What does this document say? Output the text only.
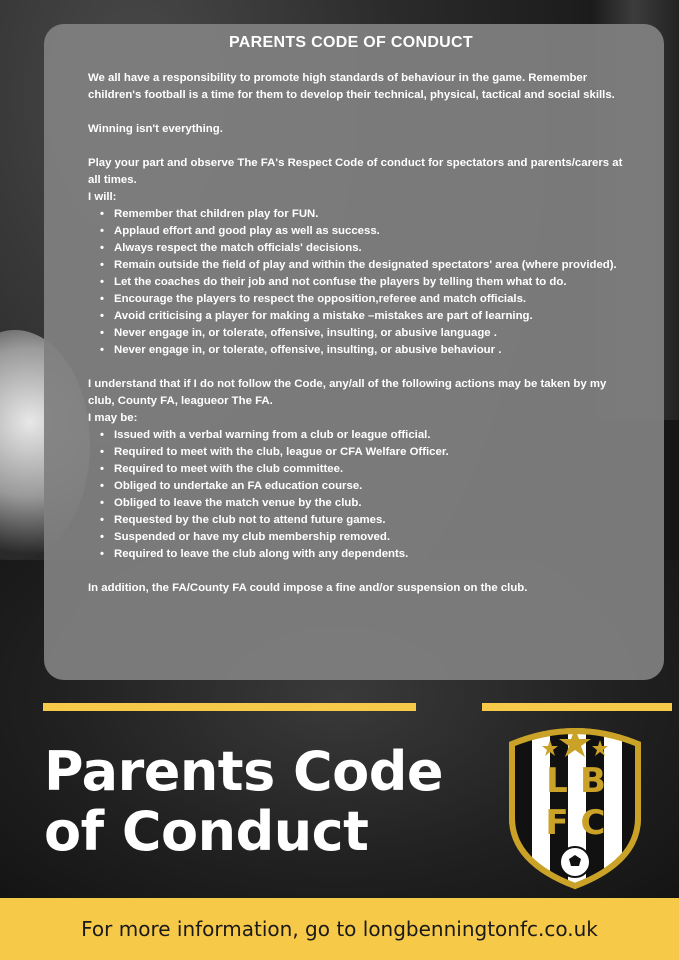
PARENTS CODE OF CONDUCT

We all have a responsibility to promote high standards of behaviour in the game. Remember children's football is a time for them to develop their technical, physical, tactical and social skills.

Winning isn't everything.

Play your part and observe The FA's Respect Code of conduct for spectators and parents/carers at all times.

I will:

• Remember that children play for FUN.
• Applaud effort and good play as well as success.
• Always respect the match officials' decisions.
• Remain outside the field of play and within the designated spectators' area (where provided).
• Let the coaches do their job and not confuse the players by telling them what to do.
• Encourage the players to respect the opposition,referee and match officials.
• Avoid criticising a player for making a mistake –mistakes are part of learning.
• Never engage in, or tolerate, offensive, insulting, or abusive language .
• Never engage in, or tolerate, offensive, insulting, or abusive behaviour .

I understand that if I do not follow the Code, any/all of the following actions may be taken by my club, County FA, leagueor The FA.

I may be:

• Issued with a verbal warning from a club or league official.
• Required to meet with the club, league or CFA Welfare Officer.
• Required to meet with the club committee.
• Obliged to undertake an FA education course.
• Obliged to leave the match venue by the club.
• Requested by the club not to attend future games.
• Suspended or have my club membership removed.
• Required to leave the club along with any dependents.

In addition, the FA/County FA could impose a fine and/or suspension on the club.

Parents Code
of Conduct
L B
F C
For more information, go to longbenningtonfc.co.uk
